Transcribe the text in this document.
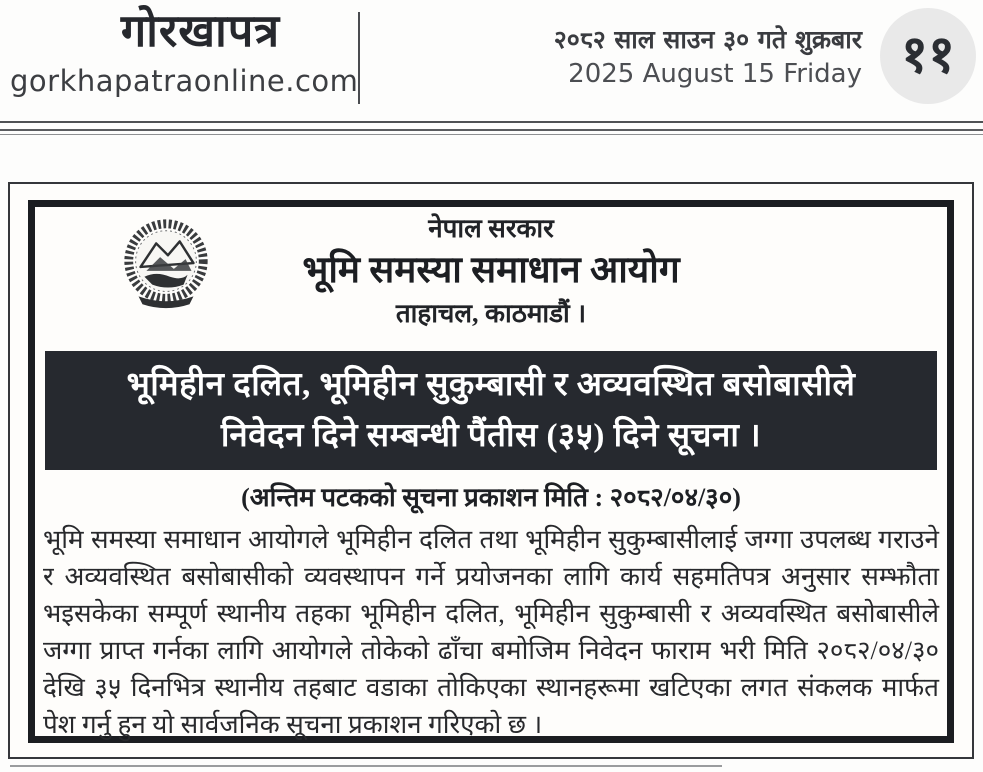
गोरखापत्र
gorkhapatraonline.com
२०८२ साल साउन ३० गते शुक्रबार
2025 August 15 Friday ११
नेपाल सरकार
भूमि समस्या समाधान आयोग
ताहाचल, काठमाडौं ।
भूमिहीन दलित, भूमिहीन सुकुम्बासी र अव्यवस्थित बसोबासीले
निवेदन दिने सम्बन्धी पैंतीस (३५) दिने सूचना ।
(अन्तिम पटकको सूचना प्रकाशन मिति : २०८२/०४/३०)

भूमि समस्या समाधान आयोगले भूमिहीन दलित तथा भूमिहीन सुकुम्बासीलाई जग्गा उपलब्ध गराउने र अव्यवस्थित बसोबासीको व्यवस्थापन गर्ने प्रयोजनका लागि कार्य सहमतिपत्र अनुसार सम्झौता भइसकेका सम्पूर्ण स्थानीय तहका भूमिहीन दलित, भूमिहीन सुकुम्बासी र अव्यवस्थित बसोबासीले जग्गा प्राप्त गर्नका लागि आयोगले तोकेको ढाँचा बमोजिम निवेदन फाराम भरी मिति २०८२/०४/३० देखि ३५ दिनभित्र स्थानीय तहबाट वडाका तोकिएका स्थानहरूमा खटिएका लगत संकलक मार्फत पेश गर्नु हुन यो सार्वजनिक सूचना प्रकाशन गरिएको छ ।
